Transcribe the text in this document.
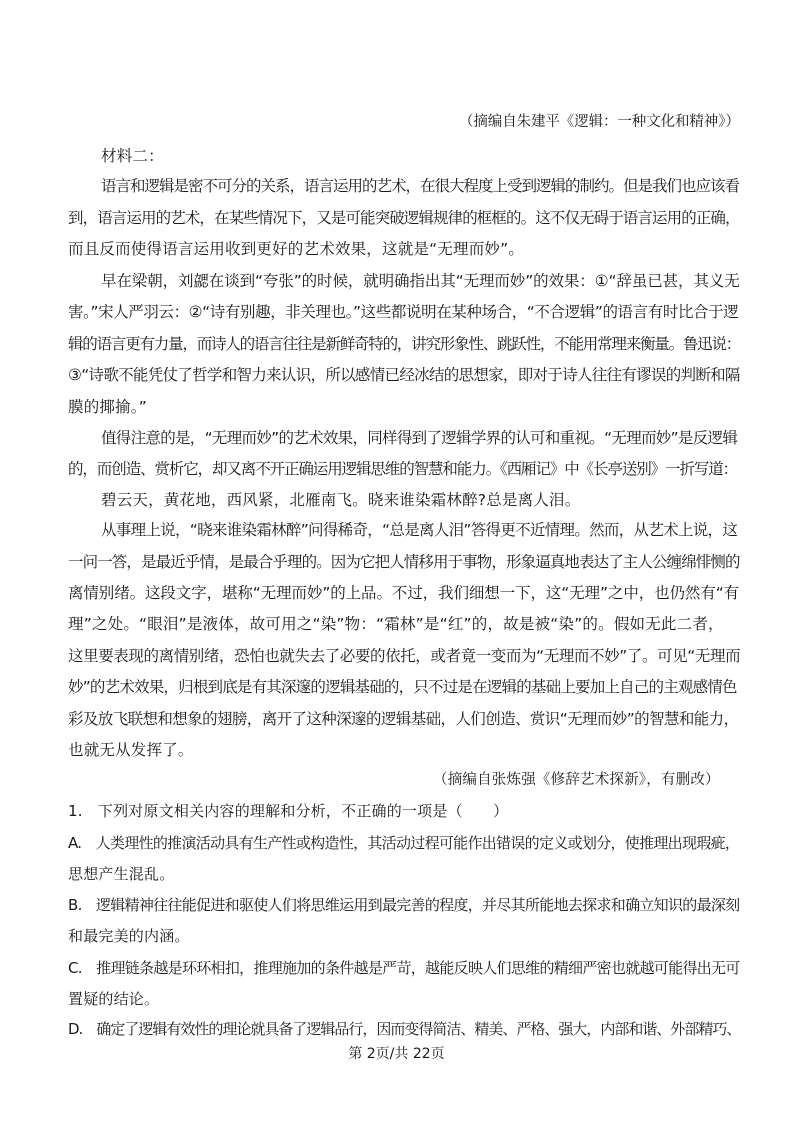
（摘编自朱建平《逻辑：一种文化和精神》）
材料二：
语言和逻辑是密不可分的关系，语言运用的艺术，在很大程度上受到逻辑的制约。但是我们也应该看
到，语言运用的艺术，在某些情况下，又是可能突破逻辑规律的框框的。这不仅无碍于语言运用的正确，
而且反而使得语言运用收到更好的艺术效果，这就是“无理而妙”。
早在梁朝，刘勰在谈到“夸张”的时候，就明确指出其“无理而妙”的效果：①“辞虽已甚，其义无
害。”宋人严羽云：②“诗有别趣，非关理也。”这些都说明在某种场合，“不合逻辑”的语言有时比合于逻
辑的语言更有力量，而诗人的语言往往是新鲜奇特的，讲究形象性、跳跃性，不能用常理来衡量。鲁迅说：
③“诗歌不能凭仗了哲学和智力来认识，所以感情已经冰结的思想家，即对于诗人往往有谬误的判断和隔
膜的揶揄。”
值得注意的是，“无理而妙”的艺术效果，同样得到了逻辑学界的认可和重视。“无理而妙”是反逻辑
的，而创造、赏析它，却又离不开正确运用逻辑思维的智慧和能力。《西厢记》中《长亭送别》一折写道：
碧云天，黄花地，西风紧，北雁南飞。晓来谁染霜林醉?总是离人泪。
从事理上说，“晓来谁染霜林醉”问得稀奇，“总是离人泪”答得更不近情理。然而，从艺术上说，这
一问一答，是最近乎情，是最合乎理的。因为它把人情移用于事物，形象逼真地表达了主人公缠绵悱恻的
离情别绪。这段文字，堪称“无理而妙”的上品。不过，我们细想一下，这“无理”之中，也仍然有“有
理”之处。“眼泪”是液体，故可用之“染”物：“霜林”是“红”的，故是被“染”的。假如无此二者，
这里要表现的离情别绪，恐怕也就失去了必要的依托，或者竟一变而为“无理而不妙”了。可见“无理而
妙”的艺术效果，归根到底是有其深邃的逻辑基础的，只不过是在逻辑的基础上要加上自己的主观感情色
彩及放飞联想和想象的翅膀，离开了这种深邃的逻辑基础，人们创造、赏识“无理而妙”的智慧和能力，
也就无从发挥了。
（摘编自张炼强《修辞艺术探新》，有删改）
1.　下列对原文相关内容的理解和分析，不正确的一项是（　　）
A.　人类理性的推演活动具有生产性或构造性，其活动过程可能作出错误的定义或划分，使推理出现瑕疵，
思想产生混乱。
B.　逻辑精神往往能促进和驱使人们将思维运用到最完善的程度，并尽其所能地去探求和确立知识的最深刻
和最完美的内涵。
C.　推理链条越是环环相扣，推理施加的条件越是严苛，越能反映人们思维的精细严密也就越可能得出无可
置疑的结论。
D.　确定了逻辑有效性的理论就具备了逻辑品行，因而变得简洁、精美、严格、强大，内部和谐、外部精巧、
第 2页/共 22页
